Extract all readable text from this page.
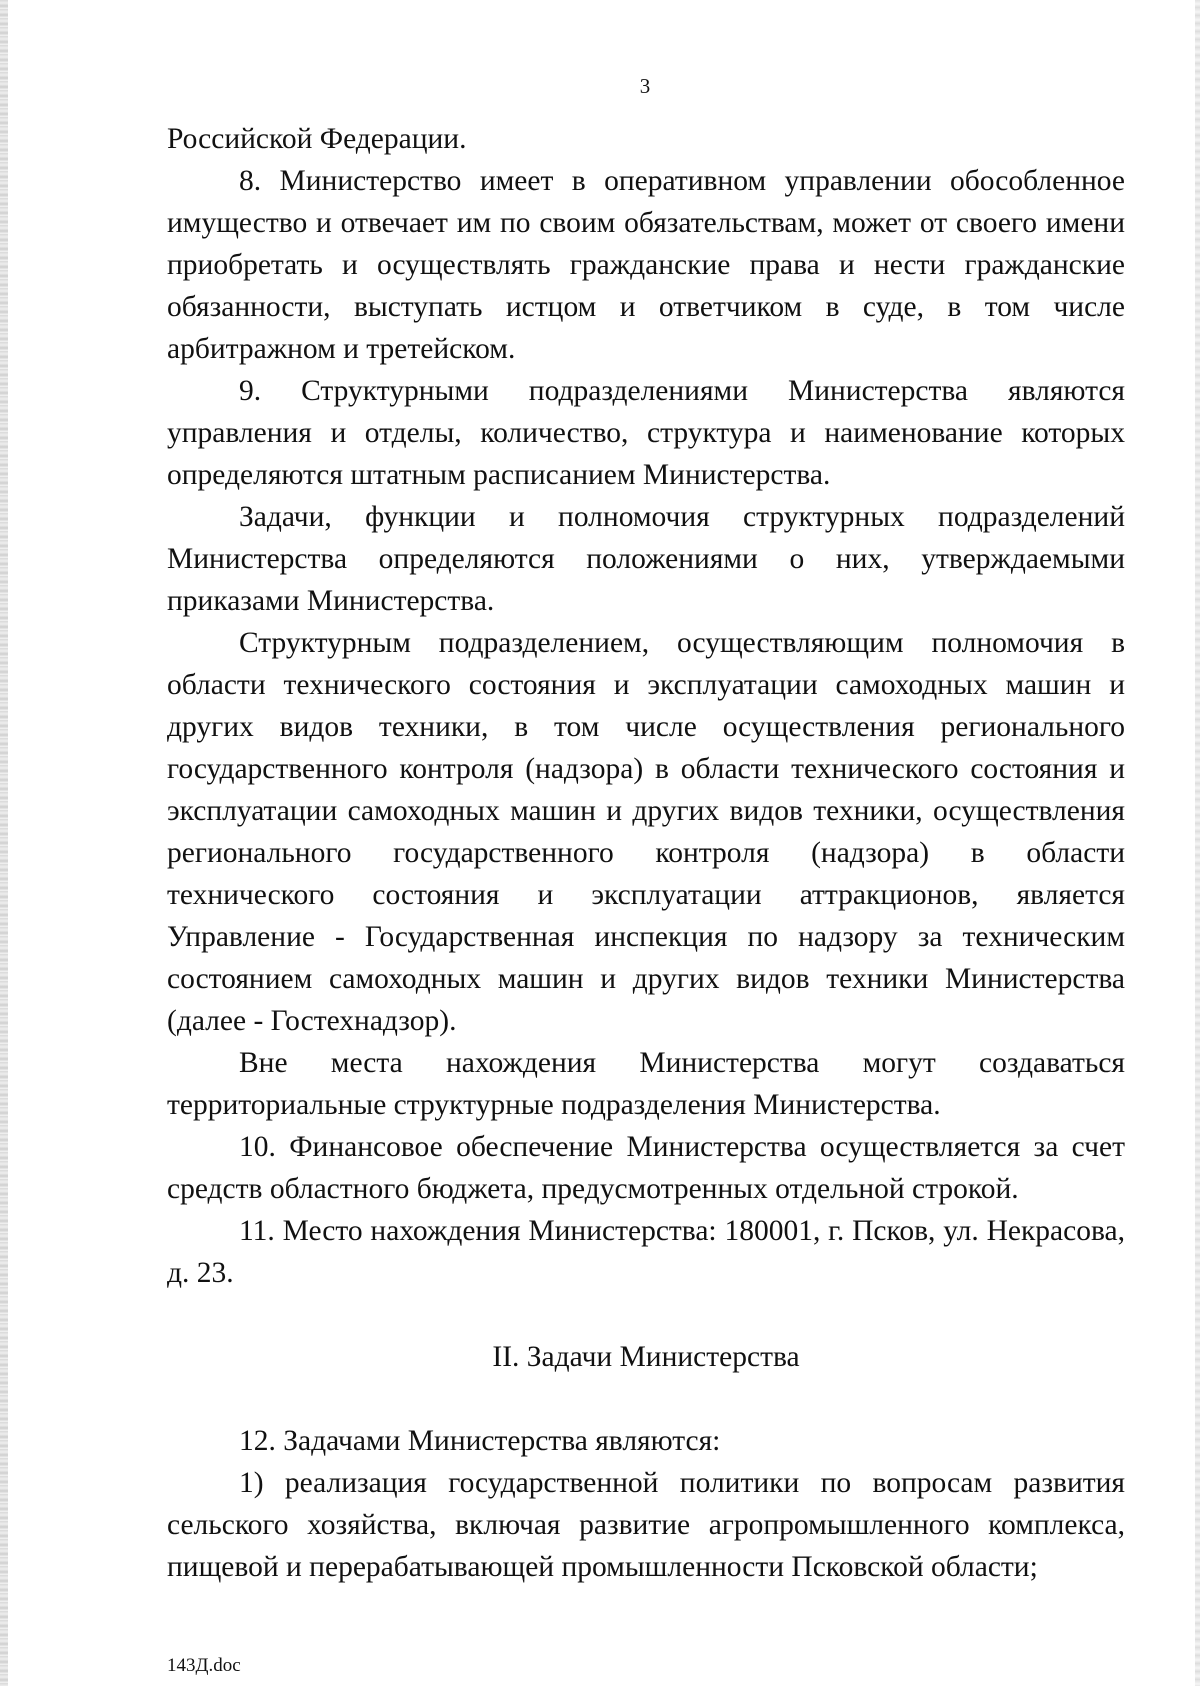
3

Российской Федерации.

8. Министерство имеет в оперативном управлении обособленное имущество и отвечает им по своим обязательствам, может от своего имени приобретать и осуществлять гражданские права и нести гражданские обязанности, выступать истцом и ответчиком в суде, в том числе арбитражном и третейском.

9. Структурными подразделениями Министерства являются управления и отделы, количество, структура и наименование которых определяются штатным расписанием Министерства.

Задачи, функции и полномочия структурных подразделений Министерства определяются положениями о них, утверждаемыми приказами Министерства.

Структурным подразделением, осуществляющим полномочия в области технического состояния и эксплуатации самоходных машин и других видов техники, в том числе осуществления регионального государственного контроля (надзора) в области технического состояния и эксплуатации самоходных машин и других видов техники, осуществления регионального государственного контроля (надзора) в области технического состояния и эксплуатации аттракционов, является Управление - Государственная инспекция по надзору за техническим состоянием самоходных машин и других видов техники Министерства (далее - Гостехнадзор).

Вне места нахождения Министерства могут создаваться территориальные структурные подразделения Министерства.

10. Финансовое обеспечение Министерства осуществляется за счет средств областного бюджета, предусмотренных отдельной строкой.

11. Место нахождения Министерства: 180001, г. Псков, ул. Некрасова, д. 23.

II. Задачи Министерства

12. Задачами Министерства являются:

1) реализация государственной политики по вопросам развития сельского хозяйства, включая развитие агропромышленного комплекса, пищевой и перерабатывающей промышленности Псковской области;

143Д.doc
